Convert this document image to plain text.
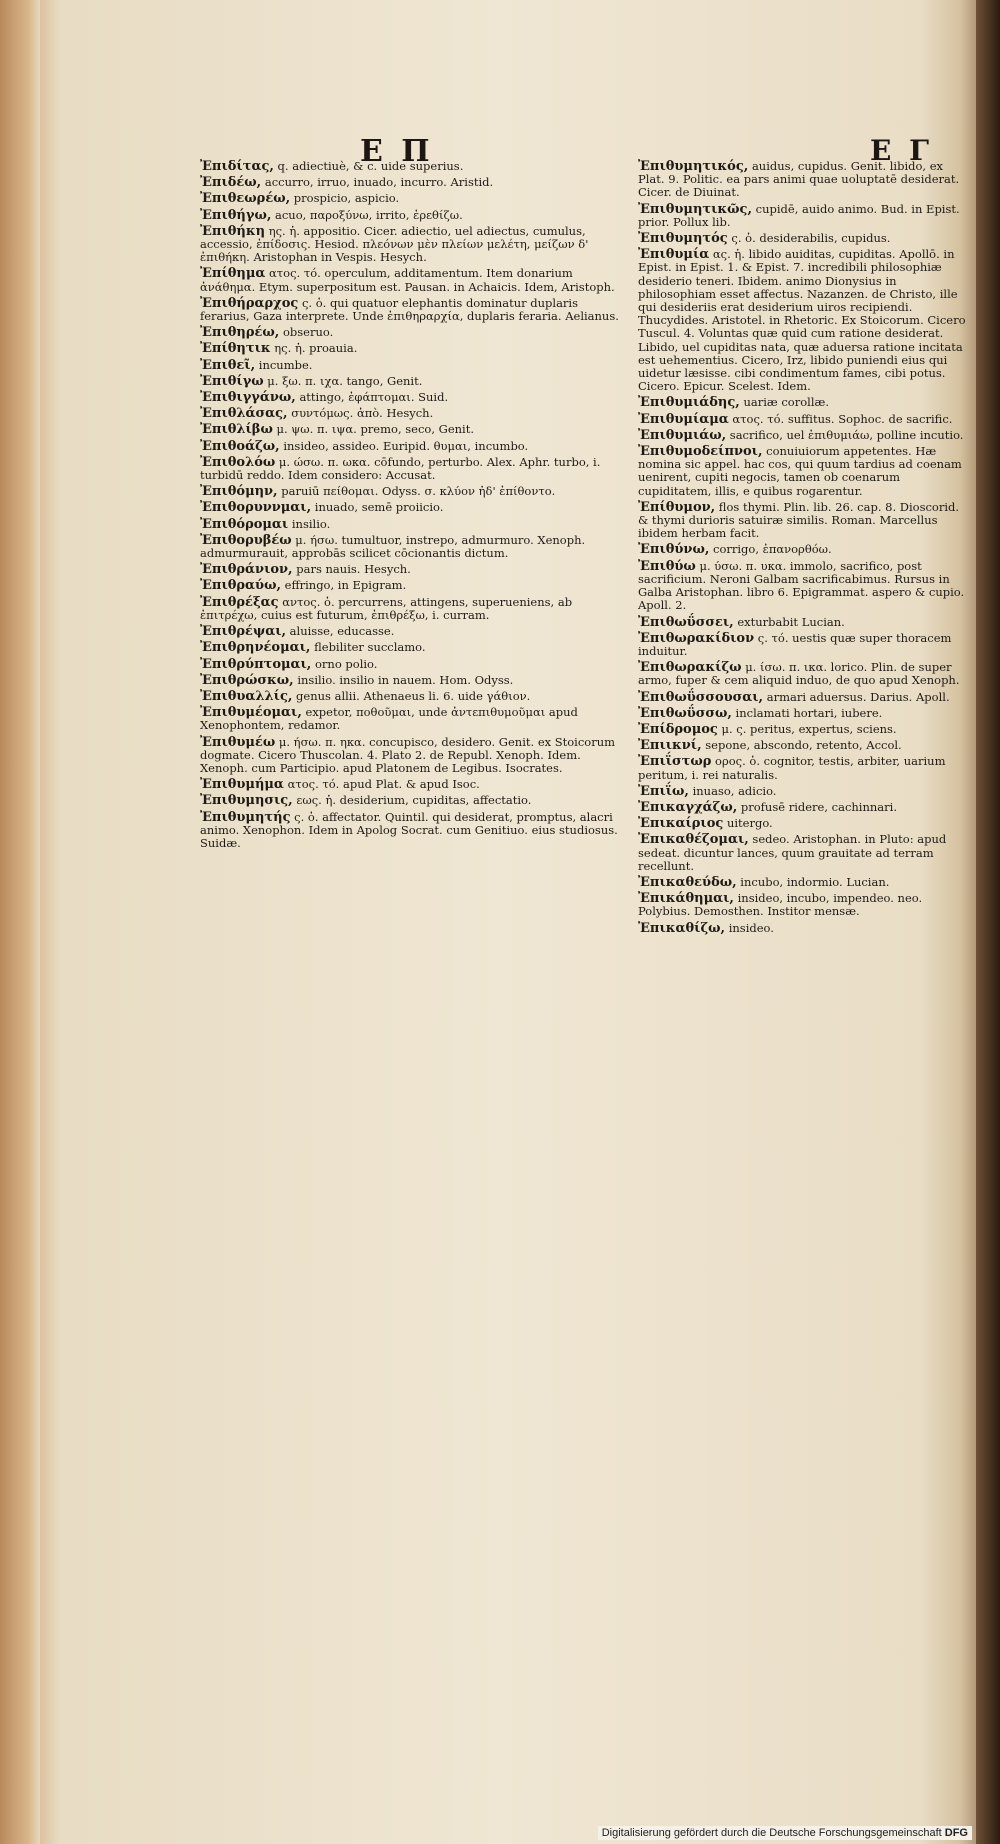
Ε Π	Ε Γ
Ἐπιδίτας, q. adiectiuè, & c. uide superius.
Ἐπιδέω, accurro, irruo, inuado, incurro. Aristid.
Ἐπιθεωρέω, prospicio, aspicio.
Ἐπιθήγω, acuo, παροξύνω, irrito, ἐρεθίζω.
Ἐπιθήκη ης. ἡ. appositio. Cicer. adiectio, uel adiectus, cumulus, accessio, ἐπίδοσις. Hesiod. πλεόνων μὲν πλείων μελέτη, μείζων δ' ἐπιθήκη. Aristophan in Vespis. Hesych.
Ἐπίθημα ατος. τό. operculum, additamentum. Item donarium ἀνάθημα. Etym. superpositum est. Pausan. in Achaicis. Idem, Aristoph.
Ἐπιθήραρχος ς. ὁ. qui quatuor elephantis dominatur duplaris ferarius, Gaza interprete. Unde ἐπιθηραρχία, duplaris feraria. Aelianus.
Ἐπιθηρέω, obseruo.
Ἐπίθητικ ης. ἡ. proauia.
Ἐπιθεῖ, incumbe.
Ἐπιθίγω μ. ξω. π. ιχα. tango, Genit.
Ἐπιθιγγάνω, attingo, ἐφάπτομαι. Suid.
Ἐπιθλάσας, συντόμως. ἀπὸ. Hesych.
Ἐπιθλίβω μ. ψω. π. ιψα. premo, seco, Genit.
Ἐπιθοάζω, insideo, assideo. Euripid. θυμαι, incumbo.
Ἐπιθολόω μ. ώσω. π. ωκα. cōfundo, perturbo. Alex. Aphr. turbo, i. turbidū reddo. Idem considero: Accusat.
Ἐπιθόμην, paruiū πείθομαι. Odyss. σ. κλύον ἠδ' ἐπίθοντο.
Ἐπιθορυννμαι, inuado, semē proiicio.
Ἐπιθόρομαι insilio.
Ἐπιθορυβέω μ. ήσω. tumultuor, instrepo, admurmuro. Xenoph. admurmurauit, approbās scilicet cōcionantis dictum.
Ἐπιθράνιον, pars nauis. Hesych.
Ἐπιθραύω, effringo, in Epigram.
Ἐπιθρέξας αντος. ὁ. percurrens, attingens, superueniens, ab ἐπιτρέχω, cuius est futurum, ἐπιθρέξω, i. curram.
Ἐπιθρέψαι, aluisse, educasse.
Ἐπιθρηνέομαι, flebiliter succlamo.
Ἐπιθρύπτομαι, orno polio.
Ἐπιθρώσκω, insilio. insilio in nauem. Hom. Odyss.
Ἐπιθυαλλίς, genus allii. Athenaeus li. 6. uide γάθιον.
Ἐπιθυμέομαι, expetor, ποθοῦμαι, unde ἀντεπιθυμοῦμαι apud Xenophontem, redamor.
Ἐπιθυμέω μ. ήσω. π. ηκα. concupisco, desidero. Genit. ex Stoicorum dogmate. Cicero Thuscolan. 4. Plato 2. de Republ. Xenoph. Idem. Xenoph. cum Participio. apud Platonem de Legibus. Isocrates.
Ἐπιθυμήμα ατος. τό. apud Plat. & apud Isoc.
Ἐπιθυμησις, εως. ἡ. desiderium, cupiditas, affectatio.
Ἐπιθυμητής ς. ὁ. affectator. Quintil. qui desiderat, promptus, alacri animo. Xenophon. Idem in Apolog Socrat. cum Genitiuo. eius studiosus. Suidæ.
Ἐπιθυμητικός, auidus, cupidus. Genit. libido, ex Plat. 9. Politic. ea pars animi quae uoluptatē desiderat. Cicer. de Diuinat.
Ἐπιθυμητικῶς, cupidē, auido animo. Bud. in Epist. prior. Pollux lib.
Ἐπιθυμητός ς. ὁ. desiderabilis, cupidus.
Ἐπιθυμία ας. ἡ. libido auiditas, cupiditas. Apollō. in Epist. in Epist. 1. & Epist. 7. incredibili philosophiæ desiderio teneri. Ibidem. animo Dionysius in philosophiam esset affectus. Nazanzen. de Christo, ille qui desideriis erat desiderium uiros recipiendi. Thucydides. Aristotel. in Rhetoric. Ex Stoicorum. Cicero Tuscul. 4. Voluntas quæ quid cum ratione desiderat. Libido, uel cupiditas nata, quæ aduersa ratione incitata est uehementius. Cicero, Irz, libido puniendi eius qui uidetur læsisse. cibi condimentum fames, cibi potus. Cicero. Epicur. Scelest. Idem.
Ἐπιθυμιάδης, uariæ corollæ.
Ἐπιθυμίαμα ατος. τό. suffitus. Sophoc. de sacrific.
Ἐπιθυμιάω, sacrifico, uel ἐπιθυμιάω, polline incutio.
Ἐπιθυμοδείπνοι, conuiuiorum appetentes. Hæ nomina sic appel. hac cos, qui quum tardius ad coenam uenirent, cupiti negocis, tamen ob coenarum cupiditatem, illis, e quibus rogarentur.
Ἐπίθυμον, flos thymi. Plin. lib. 26. cap. 8. Dioscorid. & thymi durioris satuiræ similis. Roman. Marcellus ibidem herbam facit.
Ἐπιθύνω, corrigo, ἐπανορθόω.
Ἐπιθύω μ. ύσω. π. υκα. immolo, sacrifico, post sacrificium. Neroni Galbam sacrificabimus. Rursus in Galba Aristophan. libro 6. Epigrammat. aspero & cupio. Apoll. 2.
Ἐπιθωΰσσει, exturbabit Lucian.
Ἐπιθωρακίδιον ς. τό. uestis quæ super thoracem induitur.
Ἐπιθωρακίζω μ. ίσω. π. ικα. lorico. Plin. de super armo, fuper & cem aliquid induo, de quo apud Xenoph.
Ἐπιθωΰσσουσαι, armari aduersus. Darius. Apoll.
Ἐπιθωΰσσω, inclamati hortari, iubere.
Ἐπίδρομος μ. ς. peritus, expertus, sciens.
Ἐπιικνί, sepone, abscondo, retento, Accol.
Ἐπιΐστωρ ορος. ὁ. cognitor, testis, arbiter, uarium peritum, i. rei naturalis.
Ἐπιΐω, inuaso, adicio.
Ἐπικαγχάζω, profusē ridere, cachinnari.
Ἐπικαίριος uitergo.
Ἐπικαθέζομαι, sedeo. Aristophan. in Pluto: apud sedeat. dicuntur lances, quum grauitate ad terram recellunt.
Ἐπικαθεύδω, incubo, indormio. Lucian.
Ἐπικάθημαι, insideo, incubo, impendeo. neo. Polybius. Demosthen. Institor mensæ.
Ἐπικαθίζω, insideo.
Digitalisierung gefördert durch die Deutsche Forschungsgemeinschaft DFG
